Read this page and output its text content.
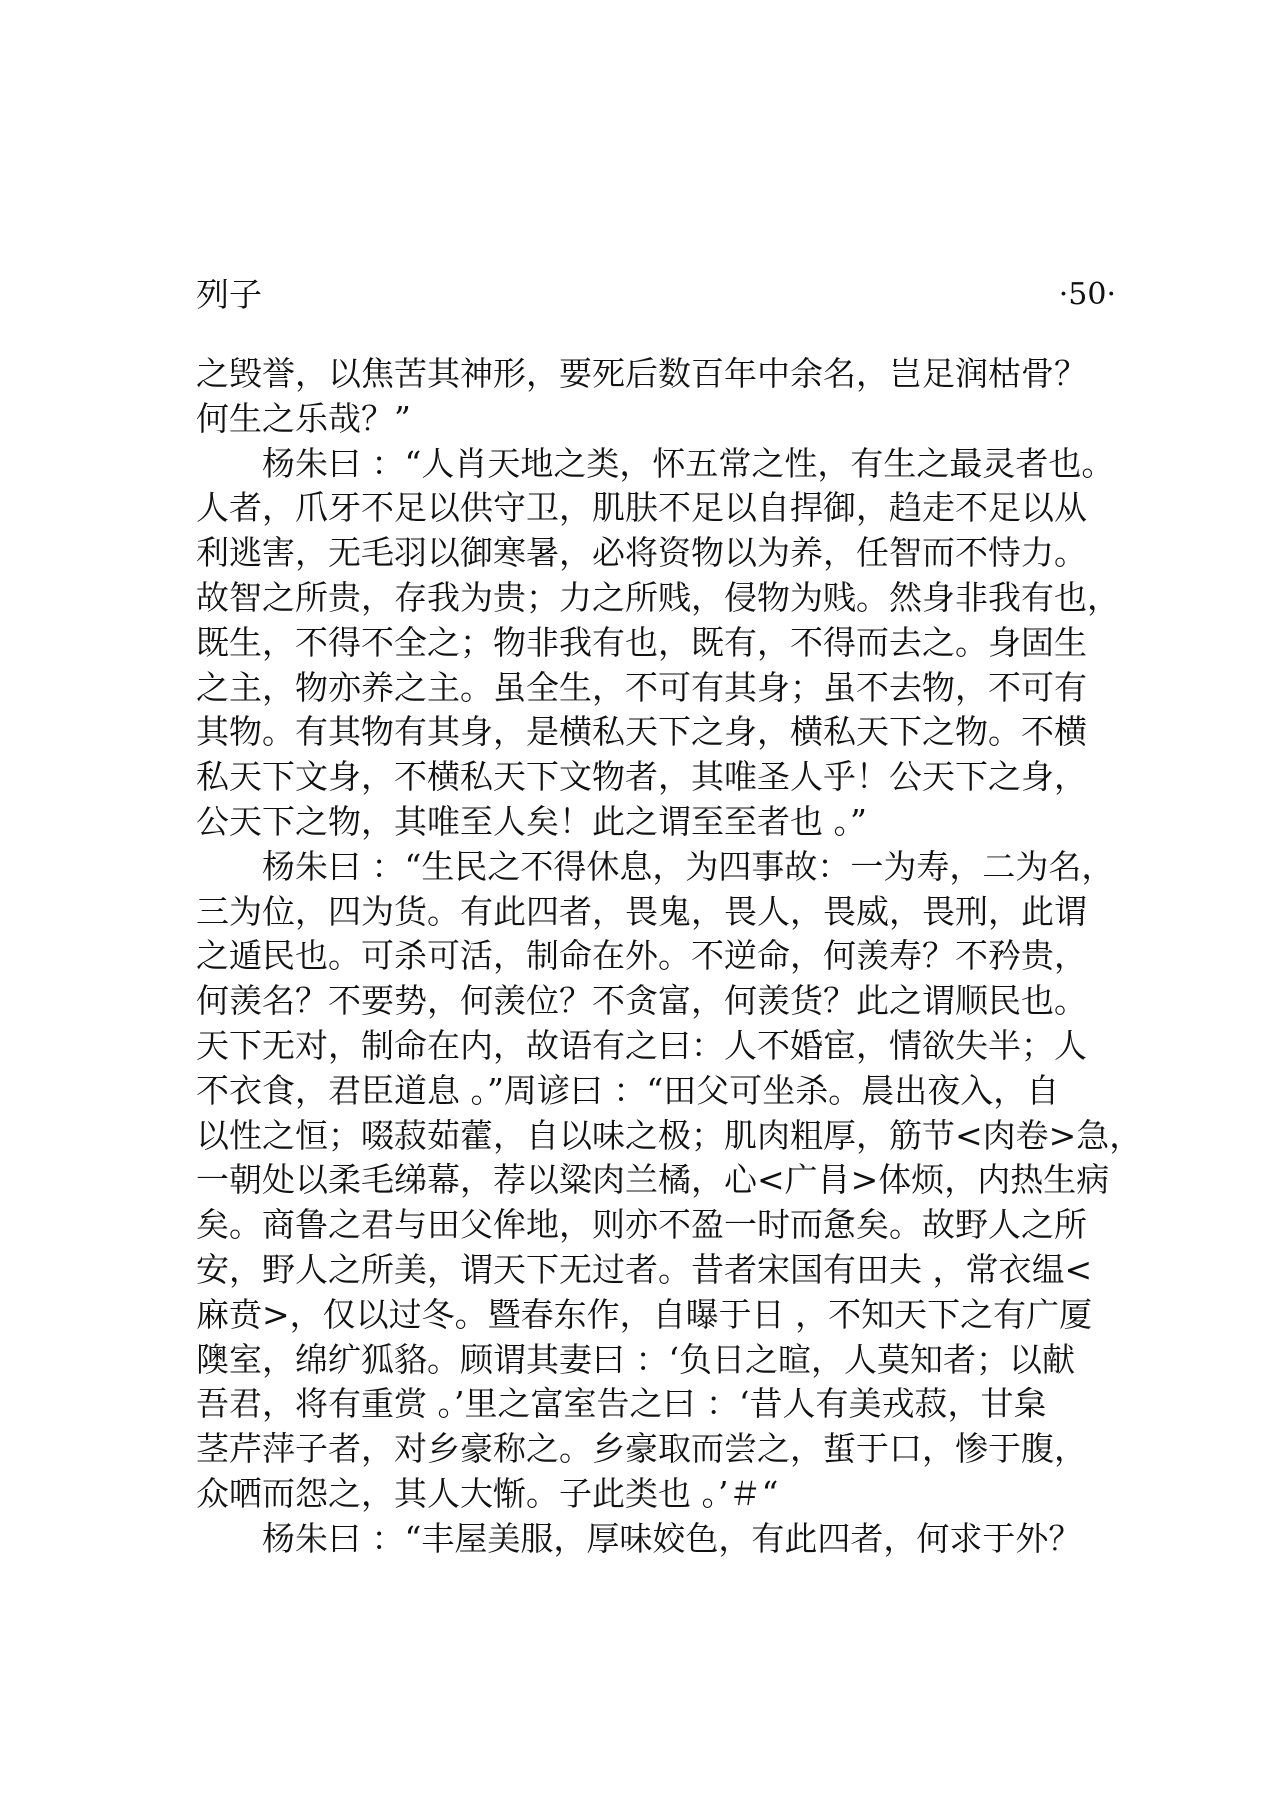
列子	·50·
之毁誉，以焦苦其神形，要死后数百年中余名，岂足润枯骨？
何生之乐哉？”
杨朱曰 ：“人肖天地之类，怀五常之性，有生之最灵者也。
人者，爪牙不足以供守卫，肌肤不足以自捍御，趋走不足以从
利逃害，无毛羽以御寒暑，必将资物以为养，任智而不恃力。
故智之所贵，存我为贵；力之所贱，侵物为贱。然身非我有也，
既生，不得不全之；物非我有也，既有，不得而去之。身固生
之主，物亦养之主。虽全生，不可有其身；虽不去物，不可有
其物。有其物有其身，是横私天下之身，横私天下之物。不横
私天下文身，不横私天下文物者，其唯圣人乎！公天下之身，
公天下之物，其唯至人矣！此之谓至至者也 。”
杨朱曰 ：“生民之不得休息，为四事故：一为寿，二为名，
三为位，四为货。有此四者，畏鬼，畏人，畏威，畏刑，此谓
之遁民也。可杀可活，制命在外。不逆命，何羡寿？不矜贵，
何羡名？不要势，何羡位？不贪富，何羡货？此之谓顺民也。
天下无对，制命在内，故语有之曰：人不婚宦，情欲失半；人
不衣食，君臣道息 。”周谚曰 ：“田父可坐杀。晨出夜入，自
以性之恒；啜菽茹藿，自以味之极；肌肉粗厚，筋节<肉卷>急，
一朝处以柔毛绨幕，荐以粱肉兰橘，心<广肙>体烦，内热生病
矣。商鲁之君与田父侔地，则亦不盈一时而惫矣。故野人之所
安，野人之所美，谓天下无过者。昔者宋国有田夫 ，常衣缊<
麻贲>，仅以过冬。暨春东作，自曝于日 ，不知天下之有广厦
隩室，绵纩狐貉。顾谓其妻曰 ：‘负日之暄，人莫知者；以献
吾君，将有重赏 。’里之富室告之曰 ：‘昔人有美戎菽，甘枲
茎芹萍子者，对乡豪称之。乡豪取而尝之，蜇于口，惨于腹，
众哂而怨之，其人大惭。子此类也 。’＃“
杨朱曰 ：“丰屋美服，厚味姣色，有此四者，何求于外？
